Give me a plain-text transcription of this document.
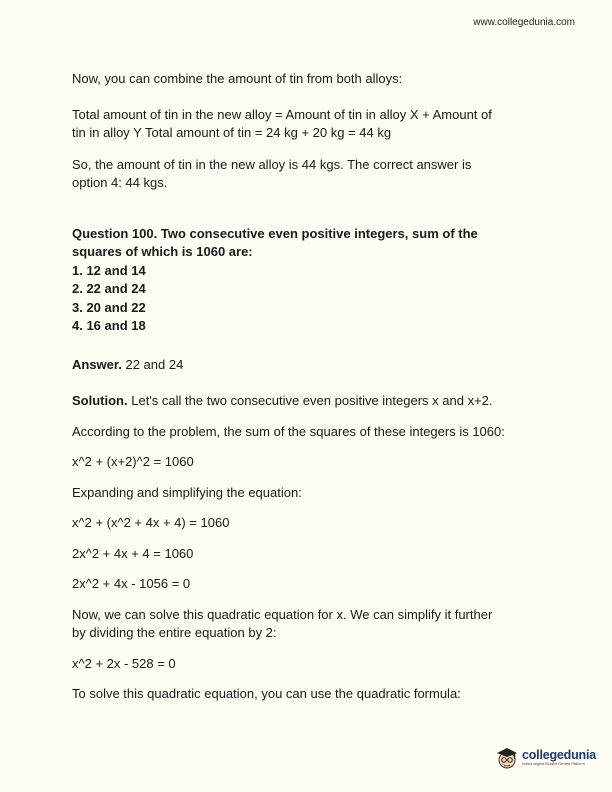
www.collegedunia.com

Now, you can combine the amount of tin from both alloys:

Total amount of tin in the new alloy = Amount of tin in alloy X + Amount of

tin in alloy Y Total amount of tin = 24 kg + 20 kg = 44 kg

So, the amount of tin in the new alloy is 44 kgs. The correct answer is

option 4: 44 kgs.

Question 100. Two consecutive even positive integers, sum of the

squares of which is 1060 are:

1. 12 and 14

2. 22 and 24

3. 20 and 22

4. 16 and 18

Answer. 22 and 24

Solution. Let's call the two consecutive even positive integers x and x+2.

According to the problem, the sum of the squares of these integers is 1060:

x^2 + (x+2)^2 = 1060

Expanding and simplifying the equation:

x^2 + (x^2 + 4x + 4) = 1060

2x^2 + 4x + 4 = 1060

2x^2 + 4x - 1056 = 0

Now, we can solve this quadratic equation for x. We can simplify it further

by dividing the entire equation by 2:

x^2 + 2x - 528 = 0

To solve this quadratic equation, you can use the quadratic formula:

collegedunia
India's largest Student Review Platform
